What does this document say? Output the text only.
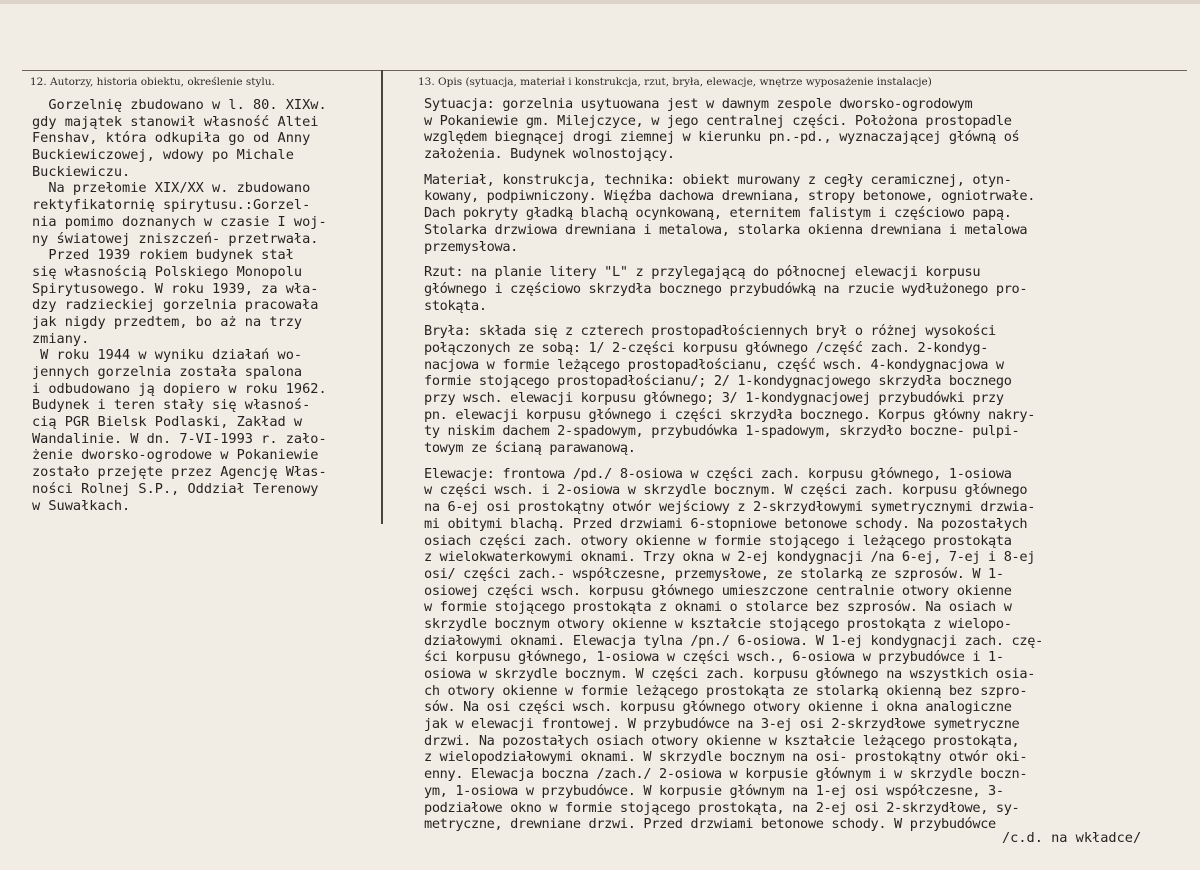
12. Autorzy, historia obiektu, określenie stylu.	13. Opis (sytuacja, materiał i konstrukcja, rzut, bryła, elewacje, wnętrze wyposażenie instalacje)
Gorzelnię zbudowano w l. 80. XIXw.
gdy majątek stanowił własność Altei
Fenshav, która odkupiła go od Anny
Buckiewiczowej, wdowy po Michale
Buckiewiczu.
Na przełomie XIX/XX w. zbudowano
rektyfikatornię spirytusu.:Gorzel-
nia pomimo doznanych w czasie I woj-
ny światowej zniszczeń- przetrwała.
Przed 1939 rokiem budynek stał
się własnością Polskiego Monopolu
Spirytusowego. W roku 1939, za wła-
dzy radzieckiej gorzelnia pracowała
jak nigdy przedtem, bo aż na trzy
zmiany.
W roku 1944 w wyniku działań wo-
jennych gorzelnia została spalona
i odbudowano ją dopiero w roku 1962.
Budynek i teren stały się własnoś-
cią PGR Bielsk Podlaski, Zakład w
Wandalinie. W dn. 7-VI-1993 r. zało-
żenie dworsko-ogrodowe w Pokaniewie
zostało przejęte przez Agencję Włas-
ności Rolnej S.P., Oddział Terenowy
w Suwałkach.
Sytuacja: gorzelnia usytuowana jest w dawnym zespole dworsko-ogrodowym
w Pokaniewie gm. Milejczyce, w jego centralnej części. Położona prostopadle
względem biegnącej drogi ziemnej w kierunku pn.-pd., wyznaczającej główną oś
założenia. Budynek wolnostojący.
Materiał, konstrukcja, technika: obiekt murowany z cegły ceramicznej, otyn-
kowany, podpiwniczony. Więźba dachowa drewniana, stropy betonowe, ogniotrwałe.
Dach pokryty gładką blachą ocynkowaną, eternitem falistym i częściowo papą.
Stolarka drzwiowa drewniana i metalowa, stolarka okienna drewniana i metalowa
przemysłowa.
Rzut: na planie litery "L" z przylegającą do północnej elewacji korpusu
głównego i częściowo skrzydła bocznego przybudówką na rzucie wydłużonego pro-
stokąta.
Bryła: składa się z czterech prostopadłościennych brył o różnej wysokości
połączonych ze sobą: 1/ 2-części korpusu głównego /część zach. 2-kondyg-
nacjowa w formie leżącego prostopadłościanu, część wsch. 4-kondygnacjowa w
formie stojącego prostopadłościanu/; 2/ 1-kondygnacjowego skrzydła bocznego
przy wsch. elewacji korpusu głównego; 3/ 1-kondygnacjowej przybudówki przy
pn. elewacji korpusu głównego i części skrzydła bocznego. Korpus główny nakry-
ty niskim dachem 2-spadowym, przybudówka 1-spadowym, skrzydło boczne- pulpi-
towym ze ścianą parawanową.
Elewacje: frontowa /pd./ 8-osiowa w części zach. korpusu głównego, 1-osiowa
w części wsch. i 2-osiowa w skrzydle bocznym. W części zach. korpusu głównego
na 6-ej osi prostokątny otwór wejściowy z 2-skrzydłowymi symetrycznymi drzwia-
mi obitymi blachą. Przed drzwiami 6-stopniowe betonowe schody. Na pozostałych
osiach części zach. otwory okienne w formie stojącego i leżącego prostokąta
z wielokwaterkowymi oknami. Trzy okna w 2-ej kondygnacji /na 6-ej, 7-ej i 8-ej
osi/ części zach.- współczesne, przemysłowe, ze stolarką ze szprosów. W 1-
osiowej części wsch. korpusu głównego umieszczone centralnie otwory okienne
w formie stojącego prostokąta z oknami o stolarce bez szprosów. Na osiach w
skrzydle bocznym otwory okienne w kształcie stojącego prostokąta z wielopo-
działowymi oknami. Elewacja tylna /pn./ 6-osiowa. W 1-ej kondygnacji zach. czę-
ści korpusu głównego, 1-osiowa w części wsch., 6-osiowa w przybudówce i 1-
osiowa w skrzydle bocznym. W części zach. korpusu głównego na wszystkich osia-
ch otwory okienne w formie leżącego prostokąta ze stolarką okienną bez szpro-
sów. Na osi części wsch. korpusu głównego otwory okienne i okna analogiczne
jak w elewacji frontowej. W przybudówce na 3-ej osi 2-skrzydłowe symetryczne
drzwi. Na pozostałych osiach otwory okienne w kształcie leżącego prostokąta,
z wielopodziałowymi oknami. W skrzydle bocznym na osi- prostokątny otwór oki-
enny. Elewacja boczna /zach./ 2-osiowa w korpusie głównym i w skrzydle boczn-
ym, 1-osiowa w przybudówce. W korpusie głównym na 1-ej osi współczesne, 3-
podziałowe okno w formie stojącego prostokąta, na 2-ej osi 2-skrzydłowe, sy-
metryczne, drewniane drzwi. Przed drzwiami betonowe schody. W przybudówce
/c.d. na wkładce/
